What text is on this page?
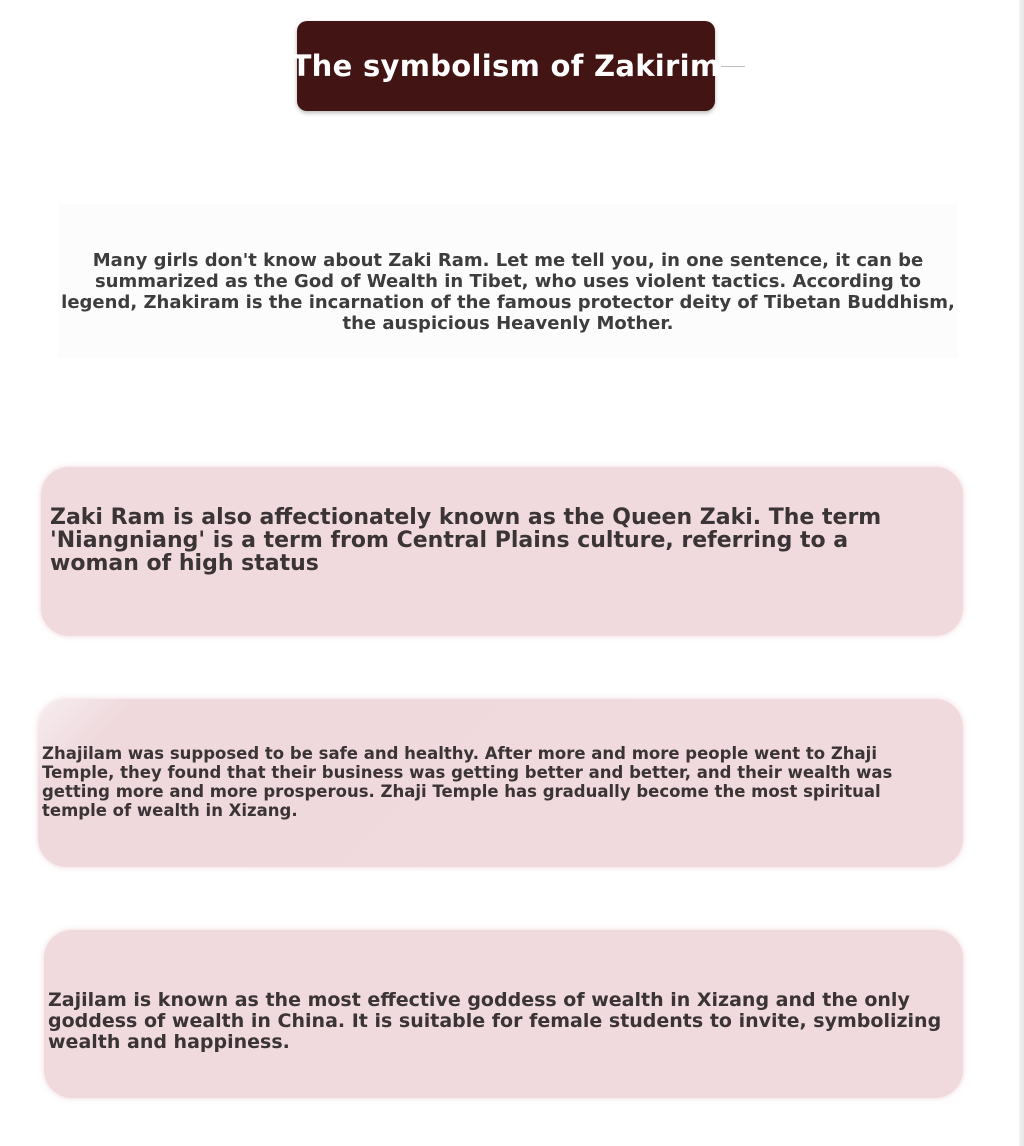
The symbolism of Zakirim

Many girls don't know about Zaki Ram. Let me tell you, in one sentence, it can be summarized as the God of Wealth in Tibet, who uses violent tactics. According to legend, Zhakiram is the incarnation of the famous protector deity of Tibetan Buddhism, the auspicious Heavenly Mother.

Zaki Ram is also affectionately known as the Queen Zaki. The term 'Niangniang' is a term from Central Plains culture, referring to a woman of high status

Zhajilam was supposed to be safe and healthy. After more and more people went to Zhaji Temple, they found that their business was getting better and better, and their wealth was getting more and more prosperous. Zhaji Temple has gradually become the most spiritual temple of wealth in Xizang.

Zajilam is known as the most effective goddess of wealth in Xizang and the only goddess of wealth in China. It is suitable for female students to invite, symbolizing wealth and happiness.
